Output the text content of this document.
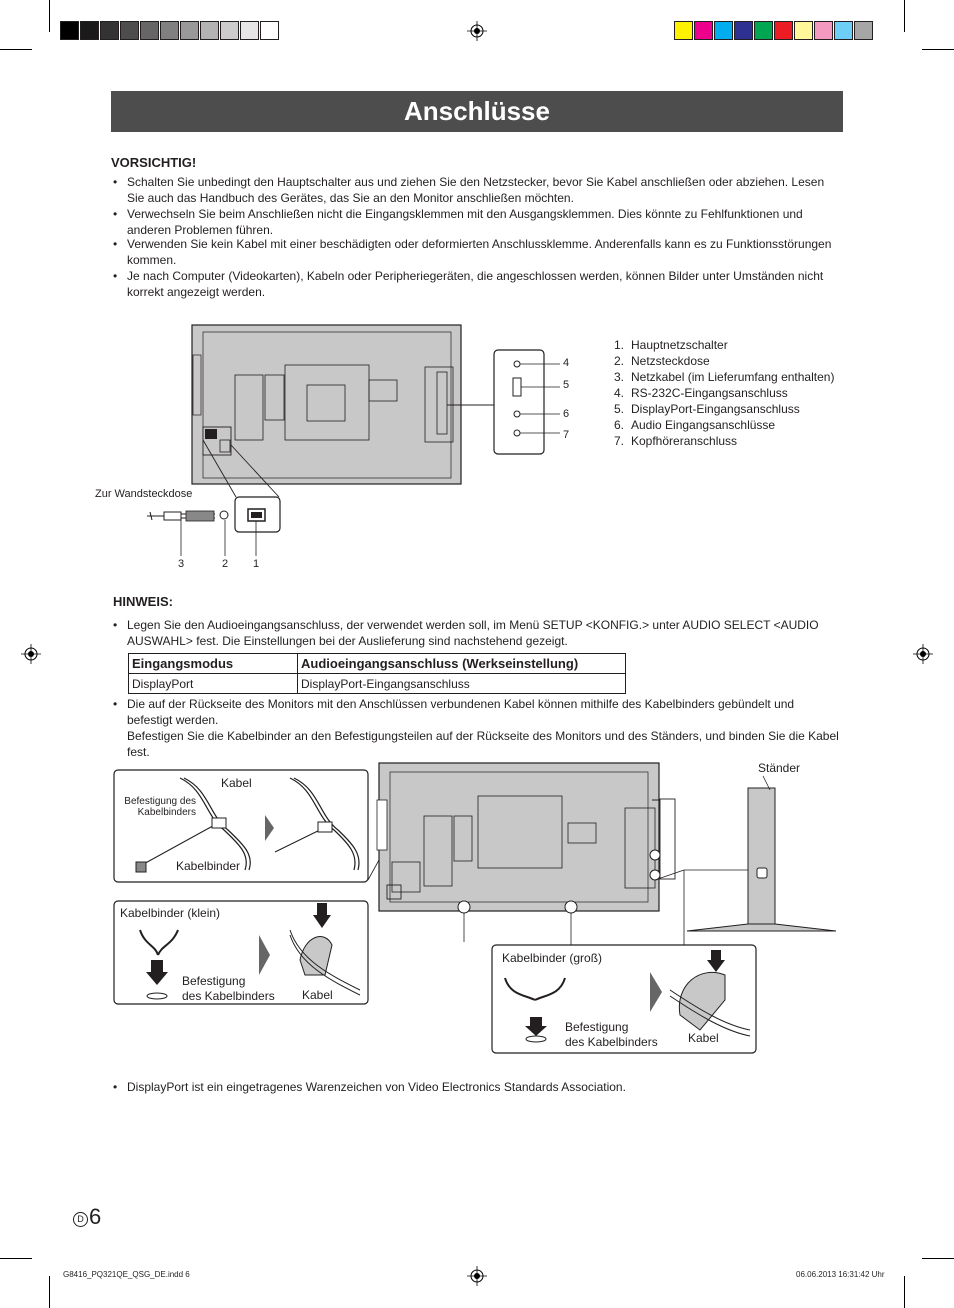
Anschlüsse
VORSICHTIG!
• Schalten Sie unbedingt den Hauptschalter aus und ziehen Sie den Netzstecker, bevor Sie Kabel anschließen oder abziehen. Lesen Sie auch das Handbuch des Gerätes, das Sie an den Monitor anschließen möchten.
• Verwechseln Sie beim Anschließen nicht die Eingangsklemmen mit den Ausgangsklemmen. Dies könnte zu Fehlfunktionen und anderen Problemen führen.
• Verwenden Sie kein Kabel mit einer beschädigten oder deformierten Anschlussklemme. Anderenfalls kann es zu Funktionsstörungen kommen.
• Je nach Computer (Videokarten), Kabeln oder Peripheriegeräten, die angeschlossen werden, können Bilder unter Umständen nicht korrekt angezeigt werden.
Zur Wandsteckdose
3	2 1
4
5
6
7
1. Hauptnetzschalter
2. Netzsteckdose
3. Netzkabel (im Lieferumfang enthalten)
4. RS-232C-Eingangsanschluss
5. DisplayPort-Eingangsanschluss
6. Audio Eingangsanschlüsse
7. Kopfhöreranschluss
HINWEIS:
• Legen Sie den Audioeingangsanschluss, der verwendet werden soll, im Menü SETUP <KONFIG.> unter AUDIO SELECT <AUDIO AUSWAHL> fest. Die Einstellungen bei der Auslieferung sind nachstehend gezeigt.
Eingangsmodus	Audioeingangsanschluss (Werkseinstellung)
DisplayPort	DisplayPort-Eingangsanschluss
• Die auf der Rückseite des Monitors mit den Anschlüssen verbundenen Kabel können mithilfe des Kabelbinders gebündelt und befestigt werden.
Befestigen Sie die Kabelbinder an den Befestigungsteilen auf der Rückseite des Monitors und des Ständers, und binden Sie die Kabel fest.
Kabel
Befestigung des
Kabelbinders
Kabelbinder
Kabelbinder (klein)
Befestigung
des Kabelbinders Kabel
Kabelbinder (groß)
Befestigung
des Kabelbinders	Kabel
Ständer
• DisplayPort ist ein eingetragenes Warenzeichen von Video Electronics Standards Association.
D 6
G8416_PQ321QE_QSG_DE.indd 6	06.06.2013 16:31:42 Uhr
